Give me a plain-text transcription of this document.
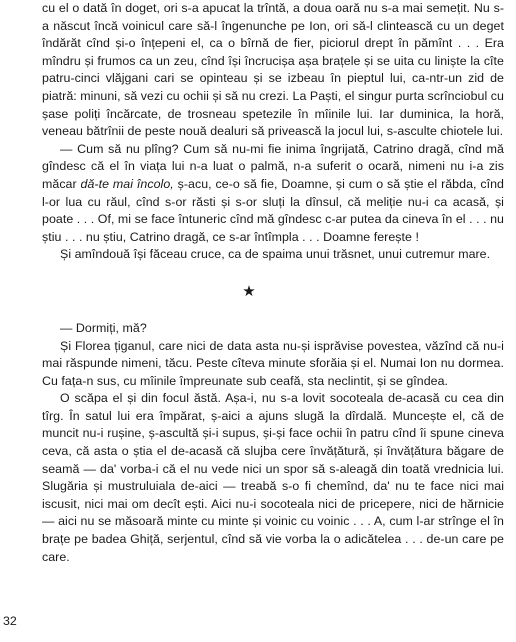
cu el o dată în doget, ori s-a apucat la trîntă, a doua oară nu s-a mai semețit. Nu s-a născut încă voinicul care să-l îngenunche pe Ion, ori să-l clintească cu un deget îndărăt cînd și-o înțepeni el, ca o bîrnă de fier, piciorul drept în pămînt . . . Era mîndru și frumos ca un zeu, cînd își încrucișa așa brațele și se uita cu liniște la cîte patru-cinci vlăjgani cari se opinteau și se izbeau în pieptul lui, ca-ntr-un zid de piatră: minuni, să vezi cu ochii și să nu crezi. La Paști, el singur purta scrînciobul cu șase poliți încărcate, de trosneau spetezile în mîinile lui. Iar duminica, la horă, veneau bătrînii de peste nouă dealuri să privească la jocul lui, s-asculte chiotele lui.

— Cum să nu plîng? Cum să nu-mi fie inima îngrijată, Catrino dragă, cînd mă gîndesc că el în viața lui n-a luat o palmă, n-a suferit o ocară, nimeni nu i-a zis măcar dă-te mai încolo, ș-acu, ce-o să fie, Doamne, și cum o să știe el răbda, cînd l-or lua cu răul, cînd s-or răsti și s-or sluți la dînsul, că meliție nu-i ca acasă, și poate . . . Of, mi se face întuneric cînd mă gîndesc c-ar putea da cineva în el . . . nu știu . . . nu știu, Catrino dragă, ce s-ar întîmpla . . . Doamne ferește !

Și amîndouă își făceau cruce, ca de spaima unui trăsnet, unui cutremur mare.

★

— Dormiți, mă?

Și Florea țiganul, care nici de data asta nu-și isprăvise povestea, văzînd că nu-i mai răspunde nimeni, tăcu. Peste cîteva minute sforăia și el. Numai Ion nu dormea. Cu fața-n sus, cu mîinile împreunate sub ceafă, sta neclintit, și se gîndea.

O scăpa el și din focul ăstă. Așa-i, nu s-a lovit socoteala de-acasă cu cea din tîrg. În satul lui era împărat, ș-aici a ajuns slugă la dîrdală. Muncește el, că de muncit nu-i rușine, ș-ascultă și-i supus, și-și face ochii în patru cînd îi spune cineva ceva, că asta o știa el de-acasă că slujba cere învățătură, și învățătura băgare de seamă — da' vorba-i că el nu vede nici un spor să s-aleagă din toată vrednicia lui. Slugăria și mustruluiala de-aici — treabă s-o fi chemînd, da' nu te face nici mai iscusit, nici mai om decît ești. Aici nu-i socoteala nici de pricepere, nici de hărnicie — aici nu se măsoară minte cu minte și voinic cu voinic . . . A, cum l-ar strînge el în brațe pe badea Ghiță, serjentul, cînd să vie vorba la o adicătelea . . . de-un care pe care.

32
